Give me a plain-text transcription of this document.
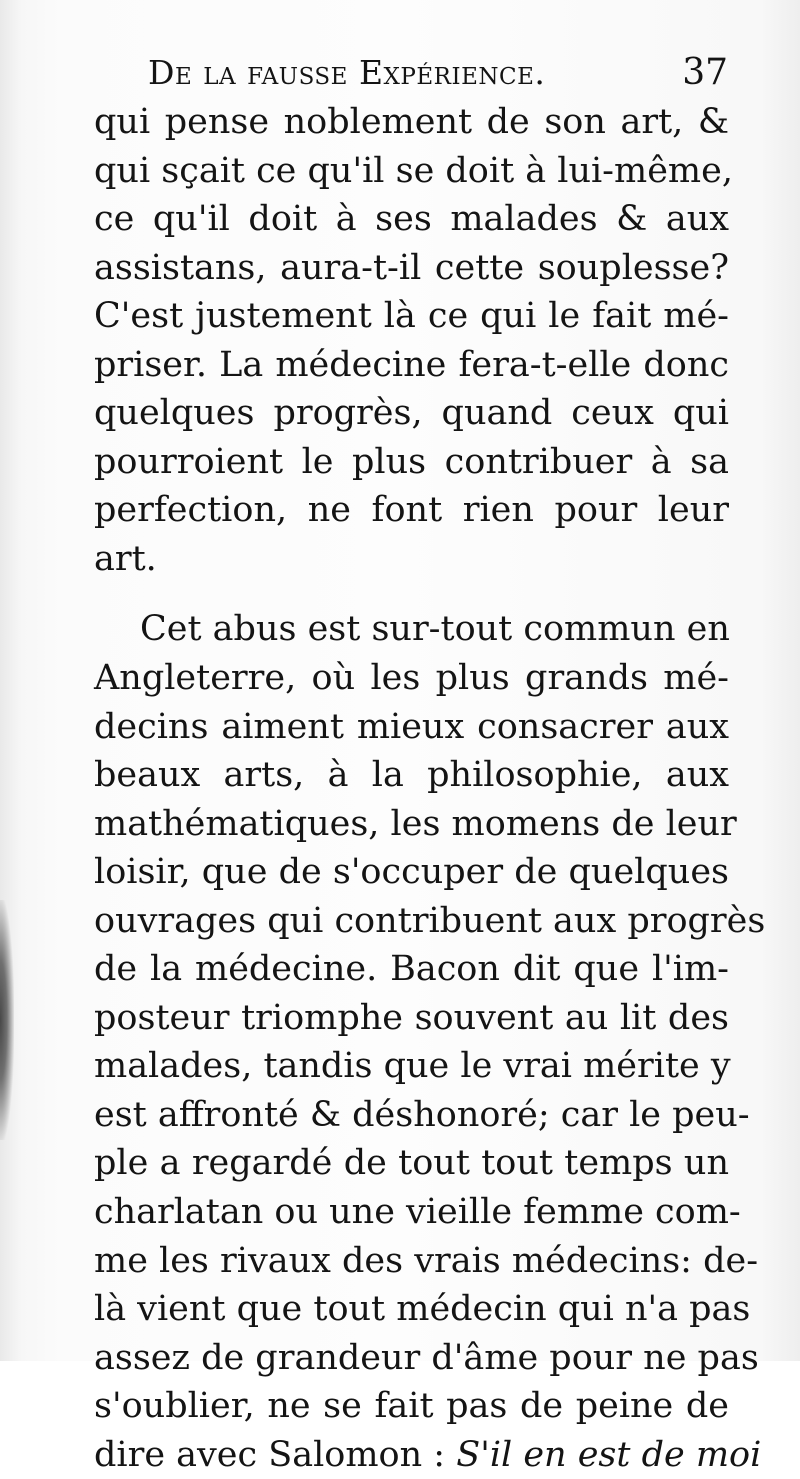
De la fausse Expérience.	37
qui pense noblement de son art, &
qui sçait ce qu'il se doit à lui-même,
ce qu'il doit à ses malades & aux
assistans, aura-t-il cette souplesse?
C'est justement là ce qui le fait mé-
priser. La médecine fera-t-elle donc
quelques progrès, quand ceux qui
pourroient le plus contribuer à sa
perfection, ne font rien pour leur
art.
Cet abus est sur-tout commun en
Angleterre, où les plus grands mé-
decins aiment mieux consacrer aux
beaux arts, à la philosophie, aux
mathématiques, les momens de leur
loisir, que de s'occuper de quelques
ouvrages qui contribuent aux progrès
de la médecine. Bacon dit que l'im-
posteur triomphe souvent au lit des
malades, tandis que le vrai mérite y
est affronté & déshonoré; car le peu-
ple a regardé de tout tout temps un
charlatan ou une vieille femme com-
me les rivaux des vrais médecins: de-
là vient que tout médecin qui n'a pas
assez de grandeur d'âme pour ne pas
s'oublier, ne se fait pas de peine de
dire avec Salomon : S'il en est de moi
